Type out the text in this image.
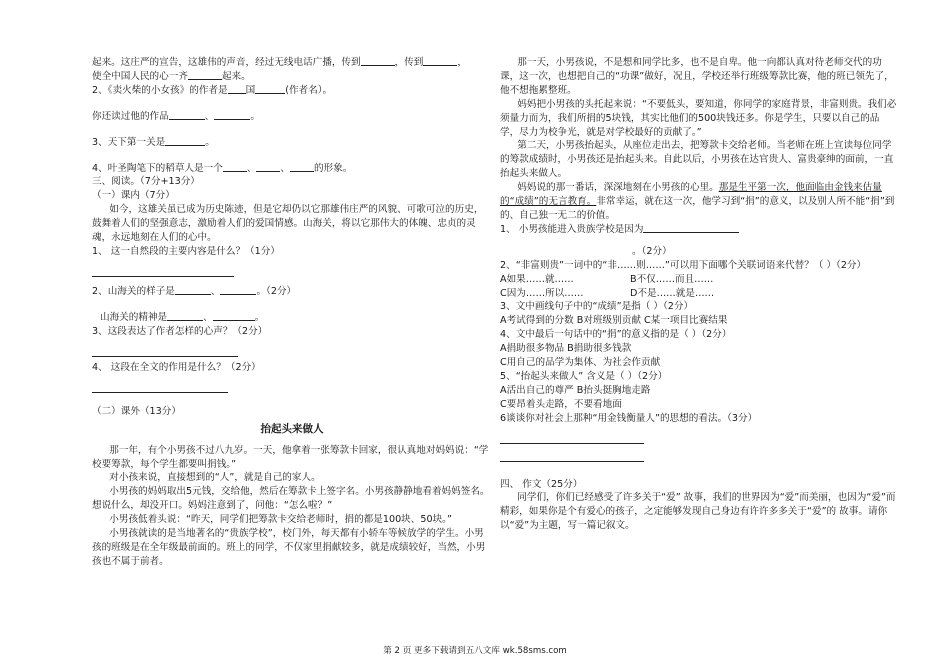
起来。这庄严的宣告，这雄伟的声音，经过无线电话广播，传到	，传到	，
使全中国人民的心一齐	起来。
2、《卖火柴的小女孩》的作者是 国	(作者名）。
你还读过他的作品	、	。
3、天下第一关是	。
4、叶圣陶笔下的稻草人是一个	、	、	的形象。
三、阅读。（7分+13分）
（一）课内（7分）
如今，这雄关虽已成为历史陈迹，但是它却仍以它那雄伟庄严的风貌、可歌可泣的历史，鼓舞着人们的坚强意志，激励着人们的爱国情感。山海关，将以它那伟大的体魄、忠贞的灵魂，永远地刻在人们的心中。
1、 这一自然段的主要内容是什么？（1分）
2、山海关的样子是	、	。（2分）
山海关的精神是	、	。
3、这段表达了作者怎样的心声？（2分）
4、 这段在全文的作用是什么？（2分）
（二）课外（13分）
抬起头来做人
那一年，有个小男孩不过八九岁。一天，他拿着一张筹款卡回家，很认真地对妈妈说：“学校要筹款，每个学生都要叫捐钱。”
对小孩来说，直接想到的“人”，就是自己的家人。
小男孩的妈妈取出5元钱，交给他，然后在筹款卡上签字名。小男孩静静地看着妈妈签名。想说什么，却没开口。妈妈注意到了，问他：“怎么啦？”
小男孩低着头说：“昨天，同学们把筹款卡交给老师时，捐的都是100块、50块。”
小男孩就读的是当地著名的“贵族学校”，校门外，每天都有小轿车等候放学的学生。小男孩的班级是在全年级最前面的。班上的同学，不仅家里捐献较多，就是成绩较好，当然，小男孩也不属于前者。
那一天，小男孩说，不是想和同学比多，也不是自卑。他一向都认真对待老师交代的功课，这一次，也想把自己的“功课”做好，况且，学校还举行班级筹款比赛，他的班已领先了，他不想拖累整班。
妈妈把小男孩的头托起来说：“不要低头，要知道，你同学的家庭背景，非富则贵。我们必须量力而为，我们所捐的5块钱，其实比他们的500块钱还多。你是学生，只要以自己的品学，尽力为校争光，就是对学校最好的贡献了。”
第二天，小男孩抬起头，从座位走出去，把筹款卡交给老师。当老师在班上宣读每位同学的筹款成绩时，小男孩还是抬起头来。自此以后，小男孩在达官贵人、富贵豪绅的面前，一直抬起头来做人。
妈妈说的那一番话，深深地刻在小男孩的心里。那是生平第一次，他面临由金钱来估量的“成绩”的无言教育。非常幸运，就在这一次，他学习到“捐”的意义，以及别人所不能“捐”到的、自己独一无二的价值。
1、 小男孩能进入贵族学校是因为
。（2分）
2、“非富则贵”一词中的“非……则……”可以用下面哪个关联词语来代替？（ ）（2分）
A如果……就……	B不仅……而且……
C因为……所以……	D不是……就是……
3、文中画线句子中的“成绩”是指（ ）（2分）
A考试得到的分数 B对班级别贡献 C某一项目比赛结果
4、文中最后一句话中的“捐”的意义指的是（ ）（2分）
A捐助很多物品 B捐助很多钱款
C用自己的品学为集体、为社会作贡献
5、“抬起头来做人” 含义是（ ）（2分）
A活出自己的尊严 B抬头挺胸地走路
C要昂着头走路，不要看地面
6谈谈你对社会上那种“用金钱衡量人”的思想的看法。（3分）
四、 作文（25分）
同学们，你们已经感受了许多关于“爱” 故事，我们的世界因为“爱”而美丽，也因为“爱”而精彩，如果你是个有爱心的孩子，之定能够发现自己身边有许许多多关于“爱”的 故事。请你以“爱”为主题，写一篇记叙文。
第 2 页 更多下载请到五八文库 wk.58sms.com
